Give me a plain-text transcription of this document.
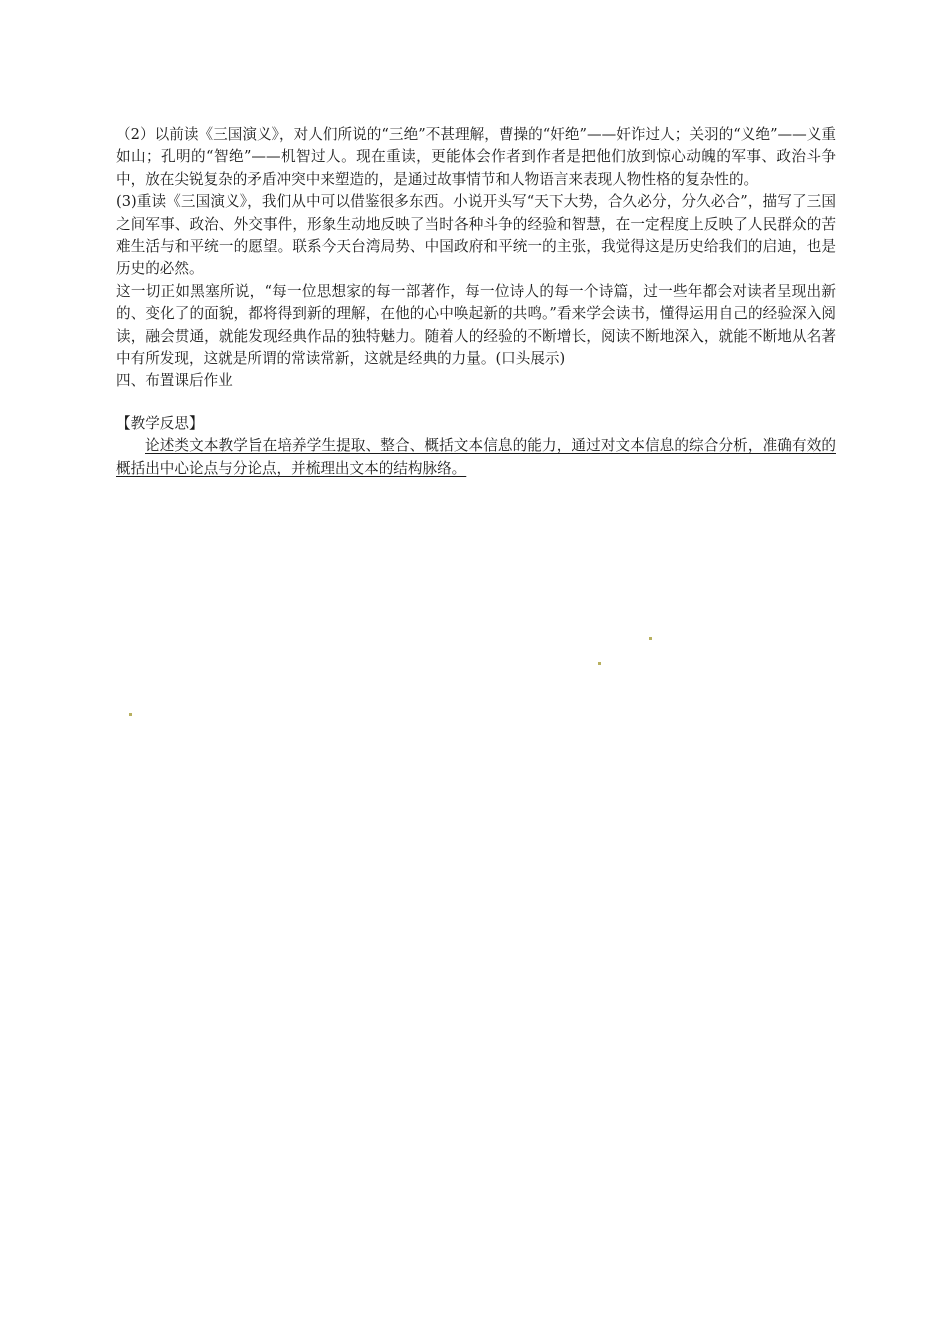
（2）以前读《三国演义》，对人们所说的“三绝”不甚理解，曹操的“奸绝”——奸诈过人；关羽的“义绝”——义重如山；孔明的“智绝”——机智过人。现在重读，更能体会作者到作者是把他们放到惊心动魄的军事、政治斗争中，放在尖锐复杂的矛盾冲突中来塑造的，是通过故事情节和人物语言来表现人物性格的复杂性的。

(3)重读《三国演义》，我们从中可以借鉴很多东西。小说开头写“天下大势，合久必分，分久必合”，描写了三国之间军事、政治、外交事件，形象生动地反映了当时各种斗争的经验和智慧，在一定程度上反映了人民群众的苦难生活与和平统一的愿望。联系今天台湾局势、中国政府和平统一的主张，我觉得这是历史给我们的启迪，也是历史的必然。

这一切正如黑塞所说，“每一位思想家的每一部著作，每一位诗人的每一个诗篇，过一些年都会对读者呈现出新的、变化了的面貌，都将得到新的理解，在他的心中唤起新的共鸣。”看来学会读书，懂得运用自己的经验深入阅读，融会贯通，就能发现经典作品的独特魅力。随着人的经验的不断增长，阅读不断地深入，就能不断地从名著中有所发现，这就是所谓的常读常新，这就是经典的力量。(口头展示)

四、布置课后作业

【教学反思】

论述类文本教学旨在培养学生提取、整合、概括文本信息的能力，通过对文本信息的综合分析，准确有效的概括出中心论点与分论点，并梳理出文本的结构脉络。
